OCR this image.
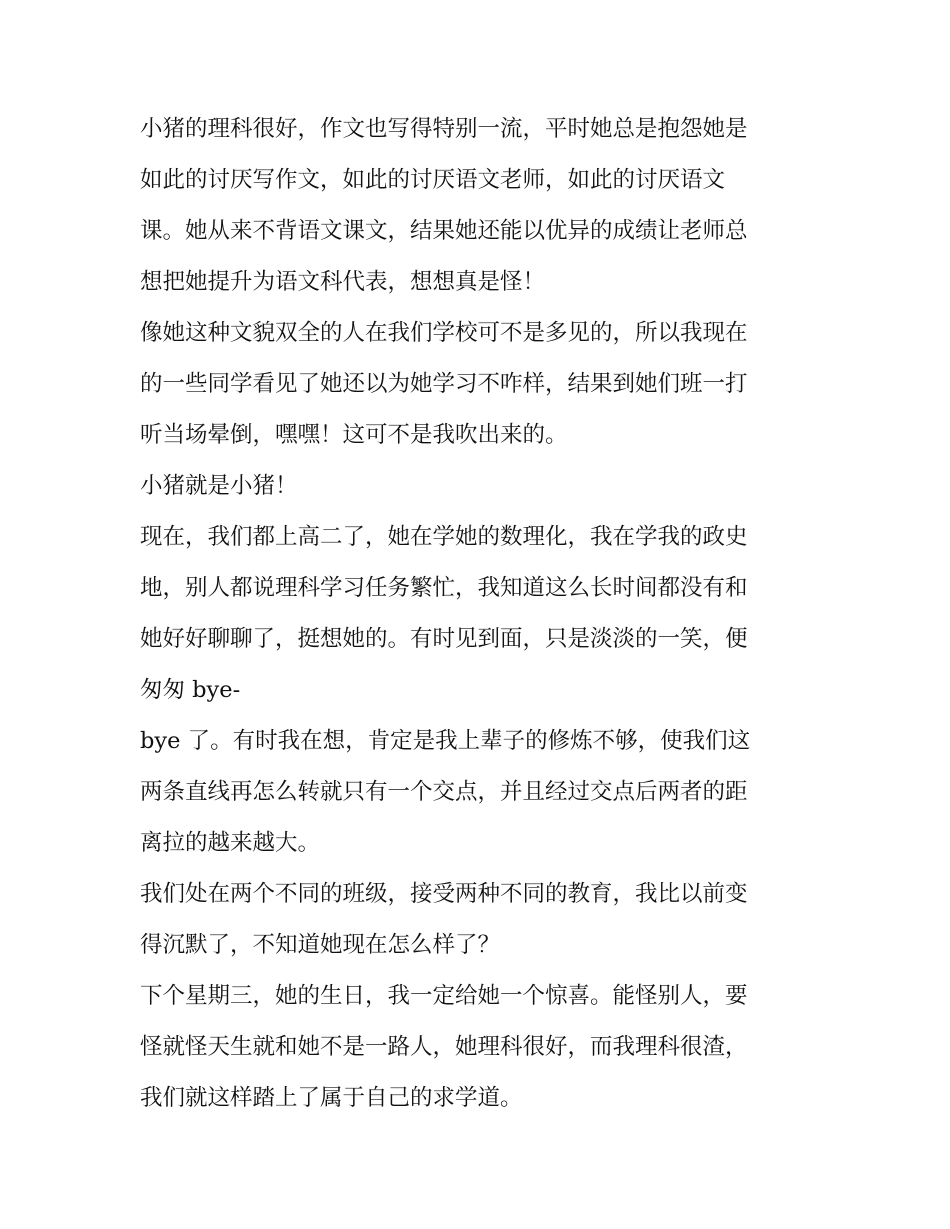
小猪的理科很好，作文也写得特别一流，平时她总是抱怨她是
如此的讨厌写作文，如此的讨厌语文老师，如此的讨厌语文
课。她从来不背语文课文，结果她还能以优异的成绩让老师总
想把她提升为语文科代表，想想真是怪！
像她这种文貌双全的人在我们学校可不是多见的，所以我现在
的一些同学看见了她还以为她学习不咋样，结果到她们班一打
听当场晕倒，嘿嘿！这可不是我吹出来的。
小猪就是小猪！
现在，我们都上高二了，她在学她的数理化，我在学我的政史
地，别人都说理科学习任务繁忙，我知道这么长时间都没有和
她好好聊聊了，挺想她的。有时见到面，只是淡淡的一笑，便
匆匆 bye-
bye 了。有时我在想，肯定是我上辈子的修炼不够，使我们这
两条直线再怎么转就只有一个交点，并且经过交点后两者的距
离拉的越来越大。
我们处在两个不同的班级，接受两种不同的教育，我比以前变
得沉默了，不知道她现在怎么样了？
下个星期三，她的生日，我一定给她一个惊喜。能怪别人，要
怪就怪天生就和她不是一路人，她理科很好，而我理科很渣，
我们就这样踏上了属于自己的求学道。
